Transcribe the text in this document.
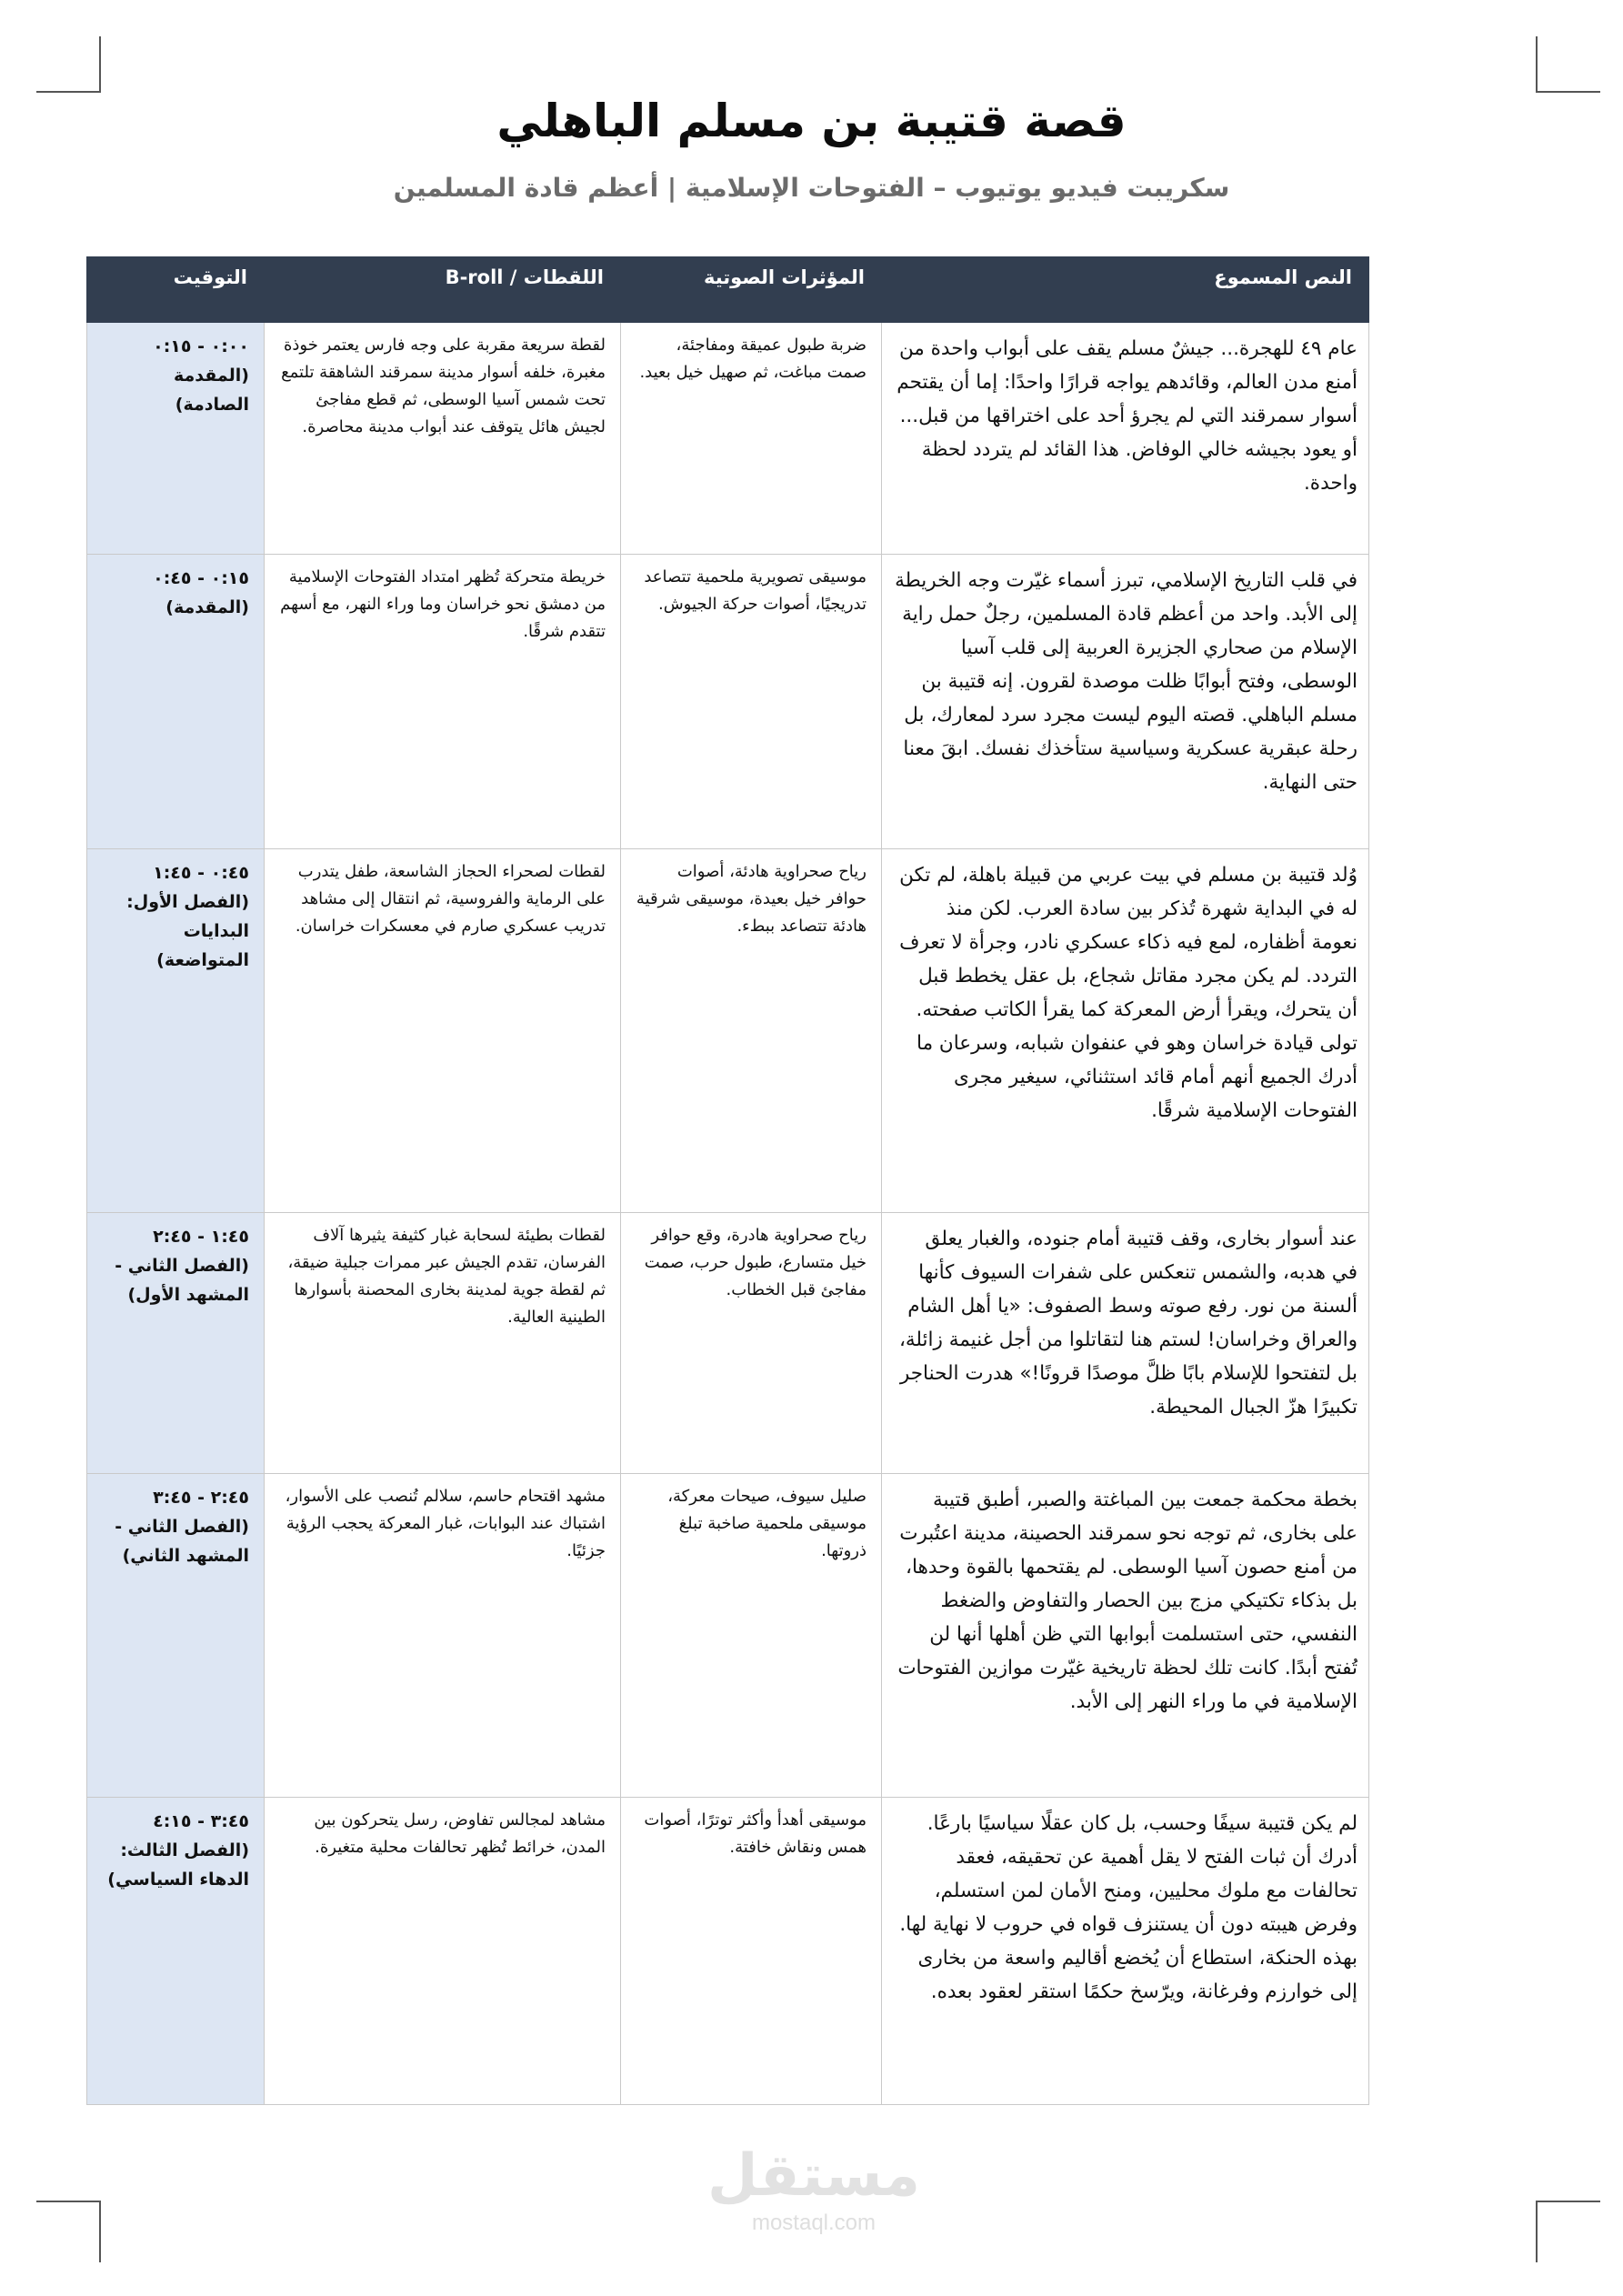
قصة قتيبة بن مسلم الباهلي
سكريبت فيديو يوتيوب – الفتوحات الإسلامية | أعظم قادة المسلمين
النص المسموع	المؤثرات الصوتية	اللقطات / B-roll	التوقيت
عام ٤٩ للهجرة... جيشٌ مسلم يقف على أبواب واحدة من أمنع مدن العالم، وقائدهم يواجه قرارًا واحدًا: إما أن يقتحم أسوار سمرقند التي لم يجرؤ أحد على اختراقها من قبل... أو يعود بجيشه خالي الوفاض. هذا القائد لم يتردد لحظة واحدة.	ضربة طبول عميقة ومفاجئة، صمت مباغت، ثم صهيل خيل بعيد.	لقطة سريعة مقربة على وجه فارس يعتمر خوذة مغبرة، خلفه أسوار مدينة سمرقند الشاهقة تلتمع تحت شمس آسيا الوسطى، ثم قطع مفاجئ لجيش هائل يتوقف عند أبواب مدينة محاصرة.	٠:٠٠ - ٠:١٥
(المقدمة الصادمة)

في قلب التاريخ الإسلامي، تبرز أسماء غيّرت وجه الخريطة إلى الأبد. واحد من أعظم قادة المسلمين، رجلٌ حمل راية الإسلام من صحاري الجزيرة العربية إلى قلب آسيا الوسطى، وفتح أبوابًا ظلت موصدة لقرون. إنه قتيبة بن مسلم الباهلي. قصته اليوم ليست مجرد سرد لمعارك، بل رحلة عبقرية عسكرية وسياسية ستأخذك نفسك. ابقَ معنا حتى النهاية.	موسيقى تصويرية ملحمية تتصاعد تدريجيًا، أصوات حركة الجيوش.	خريطة متحركة تُظهر امتداد الفتوحات الإسلامية من دمشق نحو خراسان وما وراء النهر، مع أسهم تتقدم شرقًا.	٠:١٥ - ٠:٤٥
(المقدمة)

وُلد قتيبة بن مسلم في بيت عربي من قبيلة باهلة، لم تكن له في البداية شهرة تُذكر بين سادة العرب. لكن منذ نعومة أظفاره، لمع فيه ذكاء عسكري نادر، وجرأة لا تعرف التردد. لم يكن مجرد مقاتل شجاع، بل عقل يخطط قبل أن يتحرك، ويقرأ أرض المعركة كما يقرأ الكاتب صفحته. تولى قيادة خراسان وهو في عنفوان شبابه، وسرعان ما أدرك الجميع أنهم أمام قائد استثنائي، سيغير مجرى الفتوحات الإسلامية شرقًا.	رياح صحراوية هادئة، أصوات حوافر خيل بعيدة، موسيقى شرقية هادئة تتصاعد ببطء.	لقطات لصحراء الحجاز الشاسعة، طفل يتدرب على الرماية والفروسية، ثم انتقال إلى مشاهد تدريب عسكري صارم في معسكرات خراسان.	٠:٤٥ - ١:٤٥
(الفصل الأول: البدايات المتواضعة)

عند أسوار بخارى، وقف قتيبة أمام جنوده، والغبار يعلق في هدبه، والشمس تنعكس على شفرات السيوف كأنها ألسنة من نور. رفع صوته وسط الصفوف: «يا أهل الشام والعراق وخراسان! لستم هنا لتقاتلوا من أجل غنيمة زائلة، بل لتفتحوا للإسلام بابًا ظلَّ موصدًا قرونًا!» هدرت الحناجر تكبيرًا هزّ الجبال المحيطة.	رياح صحراوية هادرة، وقع حوافر خيل متسارع، طبول حرب، صمت مفاجئ قبل الخطاب.	لقطات بطيئة لسحابة غبار كثيفة يثيرها آلاف الفرسان، تقدم الجيش عبر ممرات جبلية ضيقة، ثم لقطة جوية لمدينة بخارى المحصنة بأسوارها الطينية العالية.	١:٤٥ - ٢:٤٥
(الفصل الثاني - المشهد الأول)

بخطة محكمة جمعت بين المباغتة والصبر، أطبق قتيبة على بخارى، ثم توجه نحو سمرقند الحصينة، مدينة اعتُبرت من أمنع حصون آسيا الوسطى. لم يقتحمها بالقوة وحدها، بل بذكاء تكتيكي مزج بين الحصار والتفاوض والضغط النفسي، حتى استسلمت أبوابها التي ظن أهلها أنها لن تُفتح أبدًا. كانت تلك لحظة تاريخية غيّرت موازين الفتوحات الإسلامية في ما وراء النهر إلى الأبد.	صليل سيوف، صيحات معركة، موسيقى ملحمية صاخبة تبلغ ذروتها.	مشهد اقتحام حاسم، سلالم تُنصب على الأسوار، اشتباك عند البوابات، غبار المعركة يحجب الرؤية جزئيًا.	٢:٤٥ - ٣:٤٥
(الفصل الثاني - المشهد الثاني)

لم يكن قتيبة سيفًا وحسب، بل كان عقلًا سياسيًا بارعًا. أدرك أن ثبات الفتح لا يقل أهمية عن تحقيقه، فعقد تحالفات مع ملوك محليين، ومنح الأمان لمن استسلم، وفرض هيبته دون أن يستنزف قواه في حروب لا نهاية لها. بهذه الحنكة، استطاع أن يُخضع أقاليم واسعة من بخارى إلى خوارزم وفرغانة، ويرّسخ حكمًا استقر لعقود بعده.	موسيقى أهدأ وأكثر توترًا، أصوات همس ونقاش خافتة.	مشاهد لمجالس تفاوض، رسل يتحركون بين المدن، خرائط تُظهر تحالفات محلية متغيرة.	٣:٤٥ - ٤:١٥
(الفصل الثالث: الدهاء السياسي)
مستقل
mostaql.com
